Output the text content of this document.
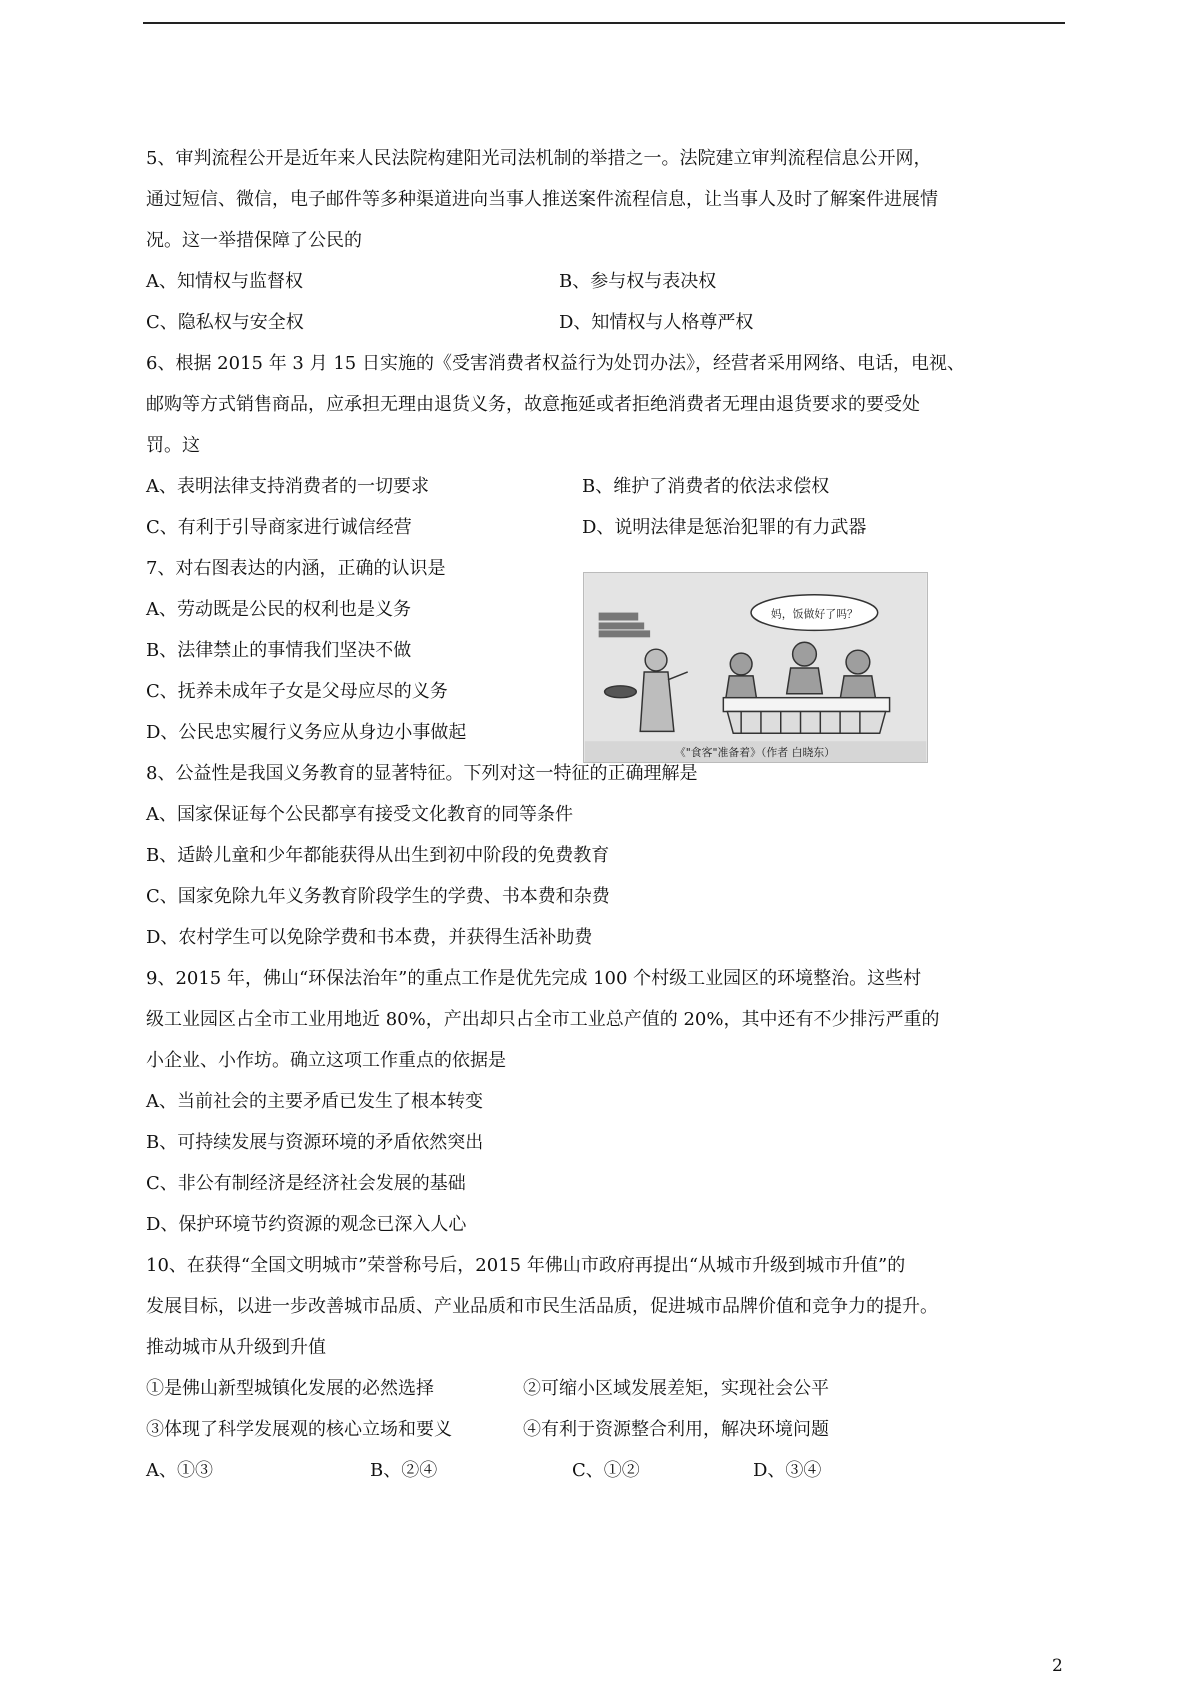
5、审判流程公开是近年来人民法院构建阳光司法机制的举措之一。法院建立审判流程信息公开网，
通过短信、微信，电子邮件等多种渠道进向当事人推送案件流程信息，让当事人及时了解案件进展情
况。这一举措保障了公民的
A、知情权与监督权	B、参与权与表决权
C、隐私权与安全权	D、知情权与人格尊严权
6、根据 2015 年 3 月 15 日实施的《受害消费者权益行为处罚办法》，经营者采用网络、电话，电视、
邮购等方式销售商品，应承担无理由退货义务，故意拖延或者拒绝消费者无理由退货要求的要受处
罚。这
A、表明法律支持消费者的一切要求	B、维护了消费者的依法求偿权
C、有利于引导商家进行诚信经营	D、说明法律是惩治犯罪的有力武器
7、对右图表达的内涵，正确的认识是
A、劳动既是公民的权利也是义务
B、法律禁止的事情我们坚决不做
C、抚养未成年子女是父母应尽的义务
D、公民忠实履行义务应从身边小事做起
8、公益性是我国义务教育的显著特征。下列对这一特征的正确理解是
A、国家保证每个公民都享有接受文化教育的同等条件
B、适龄儿童和少年都能获得从出生到初中阶段的免费教育
C、国家免除九年义务教育阶段学生的学费、书本费和杂费
D、农村学生可以免除学费和书本费，并获得生活补助费
9、2015 年，佛山“环保法治年”的重点工作是优先完成 100 个村级工业园区的环境整治。这些村
级工业园区占全市工业用地近 80%，产出却只占全市工业总产值的 20%，其中还有不少排污严重的
小企业、小作坊。确立这项工作重点的依据是
A、当前社会的主要矛盾已发生了根本转变
B、可持续发展与资源环境的矛盾依然突出
C、非公有制经济是经济社会发展的基础
D、保护环境节约资源的观念已深入人心
10、在获得“全国文明城市”荣誉称号后，2015 年佛山市政府再提出“从城市升级到城市升值”的
发展目标，以进一步改善城市品质、产业品质和市民生活品质，促进城市品牌价值和竞争力的提升。
推动城市从升级到升值
①是佛山新型城镇化发展的必然选择	②可缩小区域发展差矩，实现社会公平
③体现了科学发展观的核心立场和要义	④有利于资源整合利用，解决环境问题
A、①③	B、②④	C、①②	D、③④
妈，饭做好了吗？
《"食客"准备着》（作者 白晓东）
2
